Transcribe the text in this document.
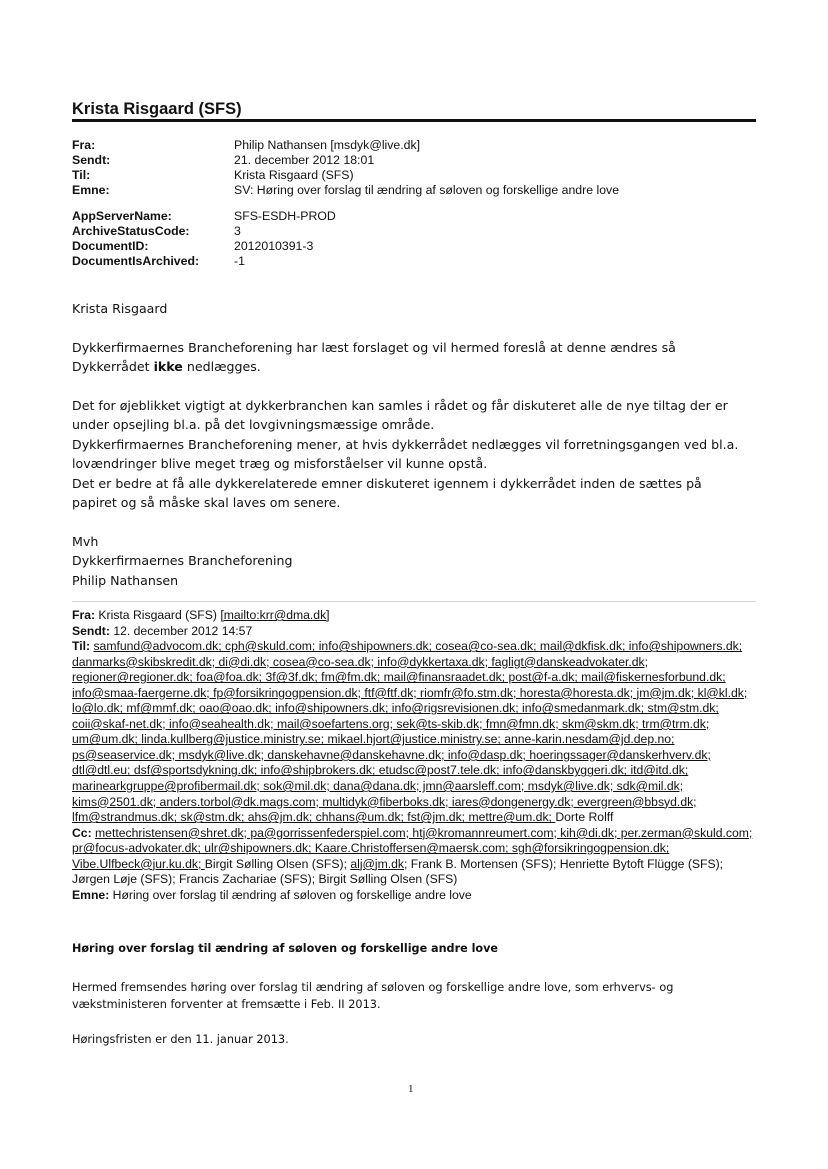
Krista Risgaard (SFS)
Fra:	Philip Nathansen [msdyk@live.dk]
Sendt:	21. december 2012 18:01
Til:	Krista Risgaard (SFS)
Emne:	SV: Høring over forslag til ændring af søloven og forskellige andre love
AppServerName:	SFS-ESDH-PROD
ArchiveStatusCode:	3
DocumentID:	2012010391-3
DocumentIsArchived:	-1

Krista Risgaard

Dykkerfirmaernes Brancheforening har læst forslaget og vil hermed foreslå at denne ændres så

Dykkerrådet ikke nedlægges.

Det for øjeblikket vigtigt at dykkerbranchen kan samles i rådet og får diskuteret alle de nye tiltag der er

under opsejling bl.a. på det lovgivningsmæssige område.

Dykkerfirmaernes Brancheforening mener, at hvis dykkerrådet nedlægges vil forretningsgangen ved bl.a.

lovændringer blive meget træg og misforståelser vil kunne opstå.

Det er bedre at få alle dykkerelaterede emner diskuteret igennem i dykkerrådet inden de sættes på

papiret og så måske skal laves om senere.

Mvh

Dykkerfirmaernes Brancheforening

Philip Nathansen

Fra: Krista Risgaard (SFS) [mailto:krr@dma.dk]
Sendt: 12. december 2012 14:57
Til: samfund@advocom.dk; cph@skuld.com; info@shipowners.dk; cosea@co-sea.dk; mail@dkfisk.dk; info@shipowners.dk; danmarks@skibskredit.dk; di@di.dk; cosea@co-sea.dk; info@dykkertaxa.dk; fagligt@danskeadvokater.dk; regioner@regioner.dk; foa@foa.dk; 3f@3f.dk; fm@fm.dk; mail@finansraadet.dk; post@f-a.dk; mail@fiskernesforbund.dk; info@smaa-faergerne.dk; fp@forsikringogpension.dk; ftf@ftf.dk; riomfr@fo.stm.dk; horesta@horesta.dk; jm@jm.dk; kl@kl.dk; lo@lo.dk; mf@mmf.dk; oao@oao.dk; info@shipowners.dk; info@rigsrevisionen.dk; info@smedanmark.dk; stm@stm.dk; coii@skaf-net.dk; info@seahealth.dk; mail@soefartens.org; sek@ts-skib.dk; fmn@fmn.dk; skm@skm.dk; trm@trm.dk; um@um.dk; linda.kullberg@justice.ministry.se; mikael.hjort@justice.ministry.se; anne-karin.nesdam@jd.dep.no; ps@seaservice.dk; msdyk@live.dk; danskehavne@danskehavne.dk; info@dasp.dk; hoeringssager@danskerhverv.dk; dtl@dtl.eu; dsf@sportsdykning.dk; info@shipbrokers.dk; etudsc@post7.tele.dk; info@danskbyggeri.dk; itd@itd.dk; marinearkgruppe@profibermail.dk; sok@mil.dk; dana@dana.dk; jmn@aarsleff.com; msdyk@live.dk; sdk@mil.dk; kims@2501.dk; anders.torbol@dk.mags.com; multidyk@fiberboks.dk; iares@dongenergy.dk; evergreen@bbsyd.dk; lfm@strandmus.dk; sk@stm.dk; ahs@jm.dk; chhans@um.dk; fst@jm.dk; mettre@um.dk; Dorte Rolff
Cc: mettechristensen@shret.dk; pa@gorrissenfederspiel.com; htj@kromannreumert.com; kih@di.dk; per.zerman@skuld.com; pr@focus-advokater.dk; ulr@shipowners.dk; Kaare.Christoffersen@maersk.com; sgh@forsikringogpension.dk; Vibe.Ulfbeck@jur.ku.dk; Birgit Sølling Olsen (SFS); alj@jm.dk; Frank B. Mortensen (SFS); Henriette Bytoft Flügge (SFS); Jørgen Løje (SFS); Francis Zachariae (SFS); Birgit Sølling Olsen (SFS)
Emne: Høring over forslag til ændring af søloven og forskellige andre love
Høring over forslag til ændring af søloven og forskellige andre love
Hermed fremsendes høring over forslag til ændring af søloven og forskellige andre love, som erhvervs- og vækstministeren forventer at fremsætte i Feb. II 2013.
Høringsfristen er den 11. januar 2013.
1
